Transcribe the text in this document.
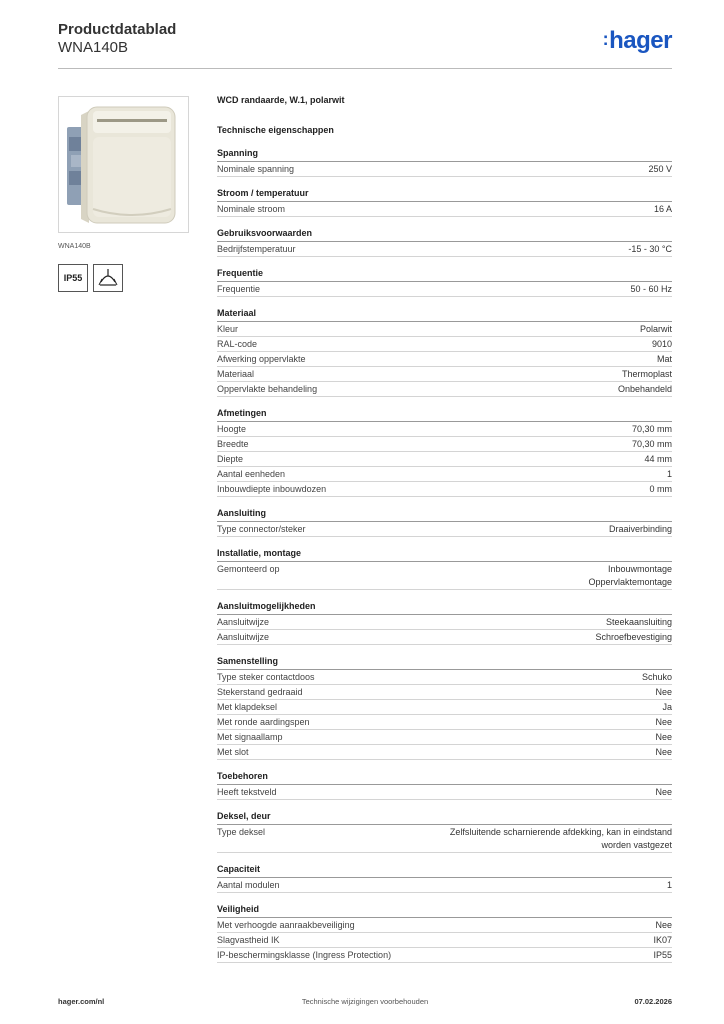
Productdatablad
WNA140B	:hager
WNA140B
IP55
WCD randaarde, W.1, polarwit
Technische eigenschappen
Spanning
Nominale spanning	250 V
Stroom / temperatuur
Nominale stroom	16 A
Gebruiksvoorwaarden
Bedrijfstemperatuur	-15 - 30 °C
Frequentie
Frequentie	50 - 60 Hz
Materiaal
Kleur	Polarwit
RAL-code	9010
Afwerking oppervlakte	Mat
Materiaal	Thermoplast
Oppervlakte behandeling	Onbehandeld
Afmetingen
Hoogte	70,30 mm
Breedte	70,30 mm
Diepte	44 mm
Aantal eenheden	1
Inbouwdiepte inbouwdozen	0 mm
Aansluiting
Type connector/steker	Draaiverbinding
Installatie, montage
Gemonteerd op	Inbouwmontage
Oppervlaktemontage
Aansluitmogelijkheden
Aansluitwijze	Steekaansluiting
Aansluitwijze	Schroefbevestiging
Samenstelling
Type steker contactdoos	Schuko
Stekerstand gedraaid	Nee
Met klapdeksel	Ja
Met ronde aardingspen	Nee
Met signaallamp	Nee
Met slot	Nee
Toebehoren
Heeft tekstveld	Nee
Deksel, deur
Type deksel	Zelfsluitende scharnierende afdekking, kan in eindstand
worden vastgezet
Capaciteit
Aantal modulen	1
Veiligheid
Met verhoogde aanraakbeveiliging	Nee
Slagvastheid IK	IK07
IP-beschermingsklasse (Ingress Protection)	IP55
hager.com/nl	Technische wijzigingen voorbehouden	07.02.2026
